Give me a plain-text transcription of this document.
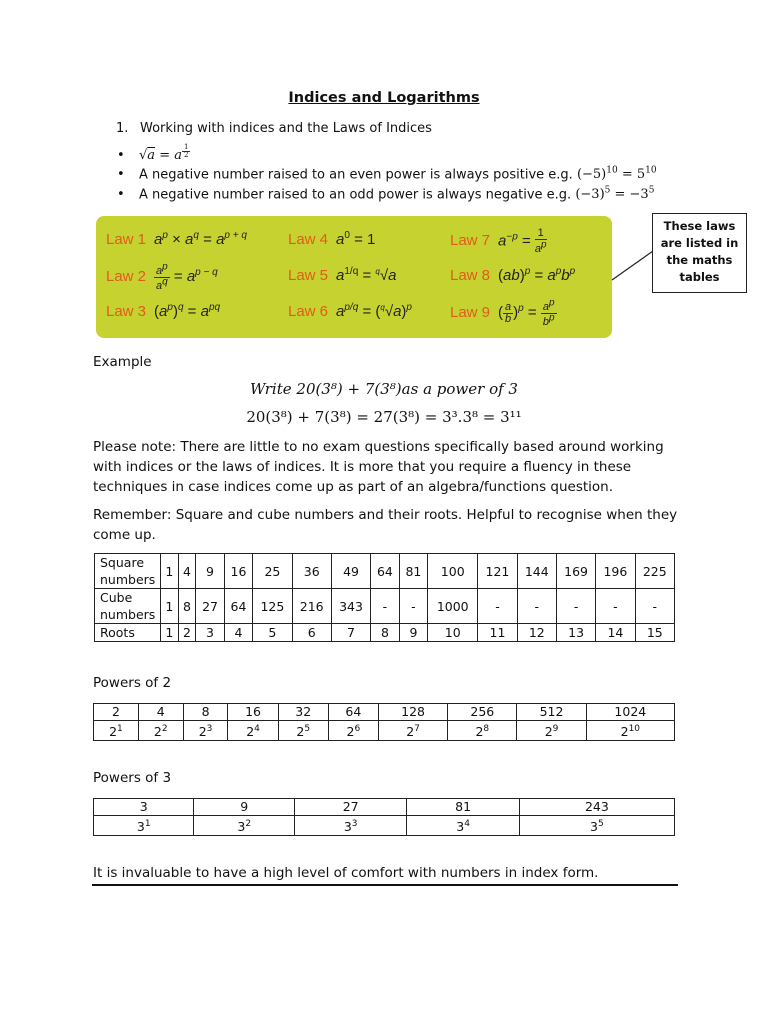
Indices and Logarithms
1. Working with indices and the Laws of Indices
• √a = a $^{\frac{1}{2}}$
• A negative number raised to an even power is always positive e.g. $(-5)^{10} = 5^{10}$
• A negative number raised to an odd power is always negative e.g. $(-3)^5 = -3^5$
Law 1 $a^p \times a^q = a^{p + q}$
Law $2 \frac{a^p}{a^q} = a^{p - q}$
Law 3 $(a^p)^q = a^{pq}$
Law 4 $a^0 = 1$
Law 5 $a^{1/q} = ^q√a$
Law 6 $a^{p/q} = (^q√a)^p$
Law 7 $a^{-p} = \frac{1}{a^p}$
Law 8 $(ab)^p = a^pb^p$
Law 9 ( $\frac{a}{b} )^p = \frac{a^p}{b^p}$
These laws are listed in the maths tables
Example
Write 20(3⁸) + 7(3⁸)as a power of 3
20(3⁸) + 7(3⁸) = 27(3⁸) = 3³.3⁸ = 3¹¹
Please note: There are little to no exam questions specifically based around working with indices or the laws of indices. It is more that you require a fluency in these techniques in case indices come up as part of an algebra/functions question.
Remember: Square and cube numbers and their roots. Helpful to recognise when they come up.
Square numbers	1	4	9	16	25	36	49	64	81	100	121	144	169	196	225
Cube numbers	1	8	27	64	125	216	343	-	-	1000	-	-	-	-	-
Roots	1	2	3	4	5	6	7	8	9	10	11	12	13	14	15
Powers of 2
2	4	8	16	32	64	128	256	512	1024
$2^1$	$2^2$	$2^3$	$2^4$	$2^5$	$2^6$	$2^7$	$2^8$	$2^9$	$2^{10}$
Powers of 3
3	9	27	81	243
$3^1$	$3^2$	$3^3$	$3^4$	$3^5$
It is invaluable to have a high level of comfort with numbers in index form.
